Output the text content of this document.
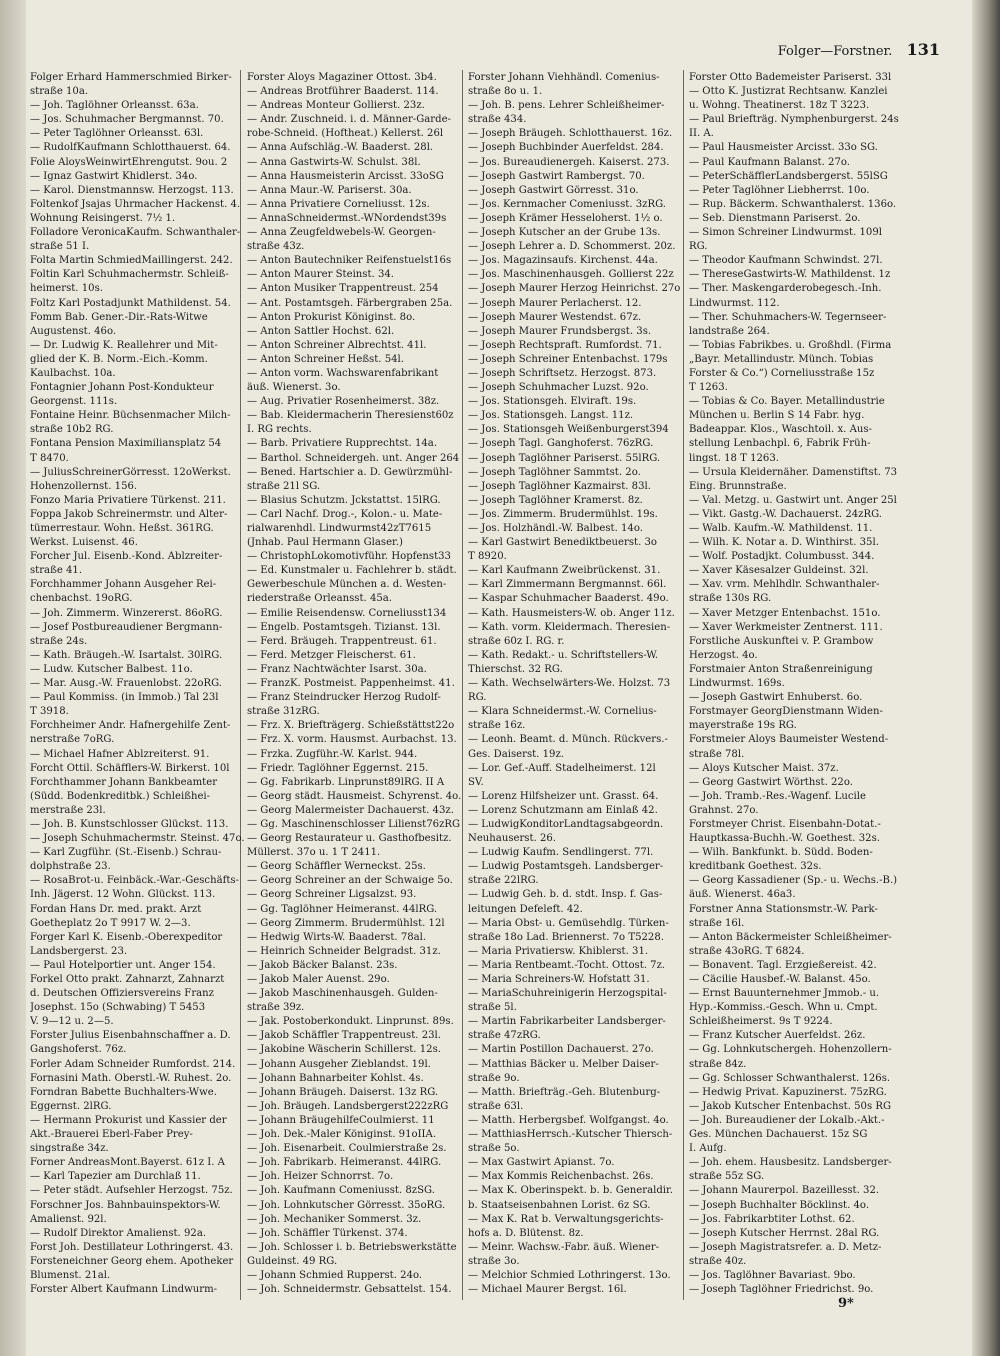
Folger—Forstner. 131
Folger Erhard Hammerschmied Birker-
straße 10a.
— Joh. Taglöhner Orleansst. 63a.
— Jos. Schuhmacher Bergmannst. 70.
— Peter Taglöhner Orleansst. 63l.
— RudolfKaufmann Schlotthauerst. 64.
Folie AloysWeinwirtEhrengutst. 9ou. 2
— Ignaz Gastwirt Khidlerst. 34o.
— Karol. Dienstmannsw. Herzogst. 113.
Foltenkof Jsajas Uhrmacher Hackenst. 4.
Wohnung Reisingerst. 7½ 1.
Folladore VeronicaKaufm. Schwanthaler-
straße 51 I.
Folta Martin SchmiedMaillingerst. 242.
Foltin Karl Schuhmachermstr. Schleiß-
heimerst. 10s.
Foltz Karl Postadjunkt Mathildenst. 54.
Fomm Bab. Gener.-Dir.-Rats-Witwe
Augustenst. 46o.
— Dr. Ludwig K. Reallehrer und Mit-
glied der K. B. Norm.-Eich.-Komm.
Kaulbachst. 10a.
Fontagnier Johann Post-Kondukteur
Georgenst. 111s.
Fontaine Heinr. Büchsenmacher Milch-
straße 10b2 RG.
Fontana Pension Maximiliansplatz 54
T 8470.
— JuliusSchreinerGörresst. 12oWerkst.
Hohenzollernst. 156.
Fonzo Maria Privatiere Türkenst. 211.
Foppa Jakob Schreinermstr. und Alter-
tümerrestaur. Wohn. Heßst. 361RG.
Werkst. Luisenst. 46.
Forcher Jul. Eisenb.-Kond. Ablzreiter-
straße 41.
Forchhammer Johann Ausgeher Rei-
chenbachst. 19oRG.
— Joh. Zimmerm. Winzererst. 86oRG.
— Josef Postbureaudiener Bergmann-
straße 24s.
— Kath. Bräugeh.-W. Isartalst. 30lRG.
— Ludw. Kutscher Balbest. 11o.
— Mar. Ausg.-W. Frauenlobst. 22oRG.
— Paul Kommiss. (in Immob.) Tal 23l
T 3918.
Forchheimer Andr. Hafnergehilfe Zent-
nerstraße 7oRG.
— Michael Hafner Ablzreiterst. 91.
Forcht Ottil. Schäfflers-W. Birkerst. 10l
Forchthammer Johann Bankbeamter
(Südd. Bodenkreditbk.) Schleißhei-
merstraße 23l.
— Joh. B. Kunstschlosser Glückst. 113.
— Joseph Schuhmachermstr. Steinst. 47o.
— Karl Zugführ. (St.-Eisenb.) Schrau-
dolphstraße 23.
— RosaBrot-u. Feinbäck.-War.-Geschäfts-
Inh. Jägerst. 12 Wohn. Glückst. 113.
Fordan Hans Dr. med. prakt. Arzt
Goetheplatz 2o T 9917 W. 2—3.
Forger Karl K. Eisenb.-Oberexpeditor
Landsbergerst. 23.
— Paul Hotelportier unt. Anger 154.
Forkel Otto prakt. Zahnarzt, Zahnarzt
d. Deutschen Offiziersvereins Franz
Josephst. 15o (Schwabing) T 5453
V. 9—12 u. 2—5.
Forster Julius Eisenbahnschaffner a. D.
Gangshoferst. 76z.
Forler Adam Schneider Rumfordst. 214.
Fornasini Math. Oberstl.-W. Ruhest. 2o.
Forndran Babette Buchhalters-Wwe.
Eggernst. 2lRG.
— Hermann Prokurist und Kassier der
Akt.-Brauerei Eberl-Faber Prey-
singstraße 34z.
Forner AndreasMont.Bayerst. 61z I. A
— Karl Tapezier am Durchlaß 11.
— Peter städt. Aufsehler Herzogst. 75z.
Forschner Jos. Bahnbauinspektors-W.
Amalienst. 92l.
— Rudolf Direktor Amalienst. 92a.
Forst Joh. Destillateur Lothringerst. 43.
Forsteneichner Georg ehem. Apotheker
Blumenst. 21al.
Forster Albert Kaufmann Lindwurm-
Forster Aloys Magaziner Ottost. 3b4.
— Andreas Brotführer Baaderst. 114.
— Andreas Monteur Gollierst. 23z.
— Andr. Zuschneid. i. d. Männer-Garde-
robe-Schneid. (Hoftheat.) Kellerst. 26l
— Anna Aufschläg.-W. Baaderst. 28l.
— Anna Gastwirts-W. Schulst. 38l.
— Anna Hausmeisterin Arcisst. 33oSG
— Anna Maur.-W. Pariserst. 30a.
— Anna Privatiere Corneliusst. 12s.
— AnnaSchneidermst.-WNordendst39s
— Anna Zeugfeldwebels-W. Georgen-
straße 43z.
— Anton Bautechniker Reifenstuelst16s
— Anton Maurer Steinst. 34.
— Anton Musiker Trappentreust. 254
— Ant. Postamtsgeh. Färbergraben 25a.
— Anton Prokurist Königinst. 8o.
— Anton Sattler Hochst. 62l.
— Anton Schreiner Albrechtst. 41l.
— Anton Schreiner Heßst. 54l.
— Anton vorm. Wachswarenfabrikant
äuß. Wienerst. 3o.
— Aug. Privatier Rosenheimerst. 38z.
— Bab. Kleidermacherin Theresienst60z
I. RG rechts.
— Barb. Privatiere Rupprechtst. 14a.
— Barthol. Schneidergeh. unt. Anger 264
— Bened. Hartschier a. D. Gewürzmühl-
straße 21l SG.
— Blasius Schutzm. Jckstattst. 15lRG.
— Carl Nachf. Drog.-, Kolon.- u. Mate-
rialwarenhdl. Lindwurmst42zT7615
(Jnhab. Paul Hermann Glaser.)
— ChristophLokomotivführ. Hopfenst33
— Ed. Kunstmaler u. Fachlehrer b. städt.
Gewerbeschule München a. d. Westen-
riederstraße Orleansst. 45a.
— Emilie Reisendensw. Corneliusst134
— Engelb. Postamtsgeh. Tizianst. 13l.
— Ferd. Bräugeh. Trappentreust. 61.
— Ferd. Metzger Fleischerst. 61.
— Franz Nachtwächter Isarst. 30a.
— FranzK. Postmeist. Pappenheimst. 41.
— Franz Steindrucker Herzog Rudolf-
straße 31zRG.
— Frz. X. Briefträgerg. Schießstättst22o
— Frz. X. vorm. Hausmst. Aurbachst. 13.
— Frzka. Zugführ.-W. Karlst. 944.
— Friedr. Taglöhner Eggernst. 215.
— Gg. Fabrikarb. Linprunst89lRG. II A
— Georg städt. Hausmeist. Schyrenst. 4o.
— Georg Malermeister Dachauerst. 43z.
— Gg. Maschinenschlosser Lilienst76zRG
— Georg Restaurateur u. Gasthofbesitz.
Müllerst. 37o u. 1 T 2411.
— Georg Schäffler Werneckst. 25s.
— Georg Schreiner an der Schwaige 5o.
— Georg Schreiner Ligsalzst. 93.
— Gg. Taglöhner Heimeranst. 44lRG.
— Georg Zimmerm. Brudermühlst. 12l
— Hedwig Wirts-W. Baaderst. 78al.
— Heinrich Schneider Belgradst. 31z.
— Jakob Bäcker Balanst. 23s.
— Jakob Maler Auenst. 29o.
— Jakob Maschinenhausgeh. Gulden-
straße 39z.
— Jak. Postoberkondukt. Linprunst. 89s.
— Jakob Schäffler Trappentreust. 23l.
— Jakobine Wäscherin Schillerst. 12s.
— Johann Ausgeher Zieblandst. 19l.
— Johann Bahnarbeiter Kohlst. 4s.
— Johann Bräugeh. Daiserst. 13z RG.
— Joh. Bräugeh. Landsbergerst222zRG
— Johann BräugehilfeCoulmierst. 11
— Joh. Dek.-Maler Königinst. 91oIIA.
— Joh. Eisenarbeit. Coulmierstraße 2s.
— Joh. Fabrikarb. Heimeranst. 44lRG.
— Joh. Heizer Schnorrst. 7o.
— Joh. Kaufmann Comeniusst. 8zSG.
— Joh. Lohnkutscher Görresst. 35oRG.
— Joh. Mechaniker Sommerst. 3z.
— Joh. Schäffler Türkenst. 374.
— Joh. Schlosser i. b. Betriebswerkstätte
Guldeinst. 49 RG.
— Johann Schmied Rupperst. 24o.
— Joh. Schneidermstr. Gebsattelst. 154.
Forster Johann Viehhändl. Comenius-
straße 8o u. 1.
— Joh. B. pens. Lehrer Schleißheimer-
straße 434.
— Joseph Bräugeh. Schlotthauerst. 16z.
— Joseph Buchbinder Auerfeldst. 284.
— Jos. Bureaudienergeh. Kaiserst. 273.
— Joseph Gastwirt Rambergst. 70.
— Joseph Gastwirt Görresst. 31o.
— Jos. Kernmacher Comeniusst. 3zRG.
— Joseph Krämer Hesseloherst. 1½ o.
— Joseph Kutscher an der Grube 13s.
— Joseph Lehrer a. D. Schommerst. 20z.
— Jos. Magazinsaufs. Kirchenst. 44a.
— Jos. Maschinenhausgeh. Gollierst 22z
— Joseph Maurer Herzog Heinrichst. 27o
— Joseph Maurer Perlacherst. 12.
— Joseph Maurer Westendst. 67z.
— Joseph Maurer Frundsbergst. 3s.
— Joseph Rechtspraft. Rumfordst. 71.
— Joseph Schreiner Entenbachst. 179s
— Joseph Schriftsetz. Herzogst. 873.
— Joseph Schuhmacher Luzst. 92o.
— Jos. Stationsgeh. Elviraft. 19s.
— Jos. Stationsgeh. Langst. 11z.
— Jos. Stationsgeh Weißenburgerst394
— Joseph Tagl. Ganghoferst. 76zRG.
— Joseph Taglöhner Pariserst. 55lRG.
— Joseph Taglöhner Sammtst. 2o.
— Joseph Taglöhner Kazmairst. 83l.
— Joseph Taglöhner Kramerst. 8z.
— Jos. Zimmerm. Brudermühlst. 19s.
— Jos. Holzhändl.-W. Balbest. 14o.
— Karl Gastwirt Benediktbeuerst. 3o
T 8920.
— Karl Kaufmann Zweibrückenst. 31.
— Karl Zimmermann Bergmannst. 66l.
— Kaspar Schuhmacher Baaderst. 49o.
— Kath. Hausmeisters-W. ob. Anger 11z.
— Kath. vorm. Kleidermach. Theresien-
straße 60z I. RG. r.
— Kath. Redakt.- u. Schriftstellers-W.
Thierschst. 32 RG.
— Kath. Wechselwärters-We. Holzst. 73
RG.
— Klara Schneidermst.-W. Cornelius-
straße 16z.
— Leonh. Beamt. d. Münch. Rückvers.-
Ges. Daiserst. 19z.
— Lor. Gef.-Auff. Stadelheimerst. 12l
SV.
— Lorenz Hilfsheizer unt. Grasst. 64.
— Lorenz Schutzmann am Einlaß 42.
— LudwigKonditorLandtagsabgeordn.
Neuhauserst. 26.
— Ludwig Kaufm. Sendlingerst. 77l.
— Ludwig Postamtsgeh. Landsberger-
straße 22lRG.
— Ludwig Geh. b. d. stdt. Insp. f. Gas-
leitungen Defeleft. 42.
— Maria Obst- u. Gemüsehdlg. Türken-
straße 18o Lad. Briennerst. 7o T5228.
— Maria Privatiersw. Khiblerst. 31.
— Maria Rentbeamt.-Tocht. Ottost. 7z.
— Maria Schreiners-W. Hofstatt 31.
— MariaSchuhreinigerin Herzogspital-
straße 5l.
— Martin Fabrikarbeiter Landsberger-
straße 47zRG.
— Martin Postillon Dachauerst. 27o.
— Matthias Bäcker u. Melber Daiser-
straße 9o.
— Matth. Briefträg.-Geh. Blutenburg-
straße 63l.
— Matth. Herbergsbef. Wolfgangst. 4o.
— MatthiasHerrsch.-Kutscher Thiersch-
straße 5o.
— Max Gastwirt Apianst. 7o.
— Max Kommis Reichenbachst. 26s.
— Max K. Oberinspekt. b. b. Generaldir.
b. Staatseisenbahnen Lorist. 6z SG.
— Max K. Rat b. Verwaltungsgerichts-
hofs a. D. Blütenst. 8z.
— Meinr. Wachsw.-Fabr. äuß. Wiener-
straße 3o.
— Melchior Schmied Lothringerst. 13o.
— Michael Maurer Bergst. 16l.
Forster Otto Bademeister Pariserst. 33l
— Otto K. Justizrat Rechtsanw. Kanzlei
u. Wohng. Theatinerst. 18z T 3223.
— Paul Briefträg. Nymphenburgerst. 24s
II. A.
— Paul Hausmeister Arcisst. 33o SG.
— Paul Kaufmann Balanst. 27o.
— PeterSchäfflerLandsbergerst. 55lSG
— Peter Taglöhner Liebherrst. 10o.
— Rup. Bäckerm. Schwanthalerst. 136o.
— Seb. Dienstmann Pariserst. 2o.
— Simon Schreiner Lindwurmst. 109l
RG.
— Theodor Kaufmann Schwindst. 27l.
— ThereseGastwirts-W. Mathildenst. 1z
— Ther. Maskengarderobegesch.-Inh.
Lindwurmst. 112.
— Ther. Schuhmachers-W. Tegernseer-
landstraße 264.
— Tobias Fabrikbes. u. Großhdl. (Firma
„Bayr. Metallindustr. Münch. Tobias
Forster & Co.“) Corneliusstraße 15z
T 1263.
— Tobias & Co. Bayer. Metallindustrie
München u. Berlin S 14 Fabr. hyg.
Badeappar. Klos., Waschtoil. x. Aus-
stellung Lenbachpl. 6, Fabrik Früh-
lingst. 18 T 1263.
— Ursula Kleidernäher. Damenstiftst. 73
Eing. Brunnstraße.
— Val. Metzg. u. Gastwirt unt. Anger 25l
— Vikt. Gastg.-W. Dachauerst. 24zRG.
— Walb. Kaufm.-W. Mathildenst. 11.
— Wilh. K. Notar a. D. Winthirst. 35l.
— Wolf. Postadjkt. Columbusst. 344.
— Xaver Käsesalzer Guldeinst. 32l.
— Xav. vrm. Mehlhdlr. Schwanthaler-
straße 130s RG.
— Xaver Metzger Entenbachst. 151o.
— Xaver Werkmeister Zentnerst. 111.
Forstliche Auskunftei v. P. Grambow
Herzogst. 4o.
Forstmaier Anton Straßenreinigung
Lindwurmst. 169s.
— Joseph Gastwirt Enhuberst. 6o.
Forstmayer GeorgDienstmann Widen-
mayerstraße 19s RG.
Forstmeier Aloys Baumeister Westend-
straße 78l.
— Aloys Kutscher Maist. 37z.
— Georg Gastwirt Wörthst. 22o.
— Joh. Tramb.-Res.-Wagenf. Lucile
Grahnst. 27o.
Forstmeyer Christ. Eisenbahn-Dotat.-
Hauptkassa-Buchh.-W. Goethest. 32s.
— Wilh. Bankfunkt. b. Südd. Boden-
kreditbank Goethest. 32s.
— Georg Kassadiener (Sp.- u. Wechs.-B.)
äuß. Wienerst. 46a3.
Forstner Anna Stationsmstr.-W. Park-
straße 16l.
— Anton Bäckermeister Schleißheimer-
straße 43oRG. T 6824.
— Bonavent. Tagl. Erzgießereist. 42.
— Cäcilie Hausbef.-W. Balanst. 45o.
— Ernst Bauunternehmer Jmmob.- u.
Hyp.-Kommiss.-Gesch. Whn u. Cmpt.
Schleißheimerst. 9s T 9224.
— Franz Kutscher Auerfeldst. 26z.
— Gg. Lohnkutschergeh. Hohenzollern-
straße 84z.
— Gg. Schlosser Schwanthalerst. 126s.
— Hedwig Privat. Kapuzinerst. 75zRG.
— Jakob Kutscher Entenbachst. 50s RG
— Joh. Bureaudiener der Lokalb.-Akt.-
Ges. München Dachauerst. 15z SG
I. Aufg.
— Joh. ehem. Hausbesitz. Landsberger-
straße 55z SG.
— Johann Maurerpol. Bazeillesst. 32.
— Joseph Buchhalter Böcklinst. 4o.
— Jos. Fabrikarbtiter Lothst. 62.
— Joseph Kutscher Herrnst. 28al RG.
— Joseph Magistratsrefer. a. D. Metz-
straße 40z.
— Jos. Taglöhner Bavariast. 9bo.
— Joseph Taglöhner Friedrichst. 9o.
9*
